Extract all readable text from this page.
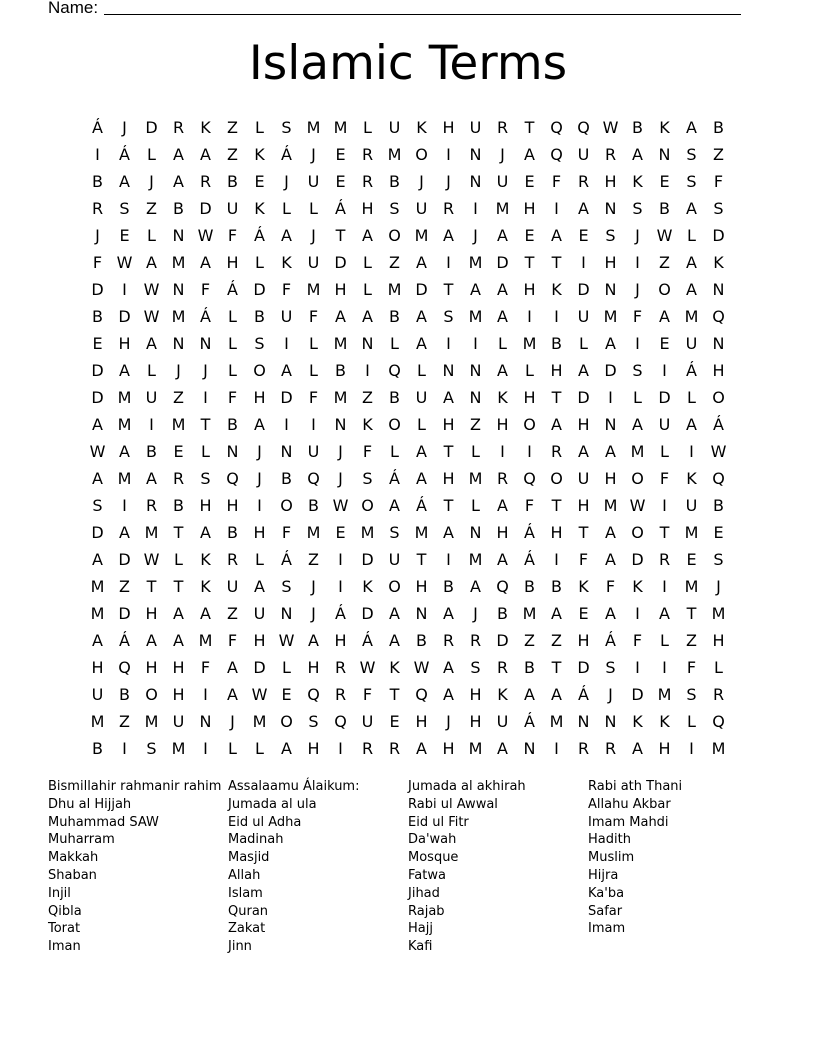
Name:
Islamic Terms
Á	J	D R	K	Z	L	S M M L	U K H U R	T Q Q W B	K	A	B
I	Á	L	A	A	Z	K	Á	J	E	R M O	I	N	J	A Q U R A N S	Z
B	A	J	A R B	E	J	U	E	R B	J	J	N U	E	F	R H K	E	S	F
R	S	Z	B D U K	L	L	Á H S	U R	I	M H	I	A N S	B	A	S
J	E	L	N W F	Á	A	J	T	A O M A	J	A	E	A	E	S	J	W L	D
F W A M A H	L	K U D	L	Z	A	I	M D T	T	I	H	I	Z	A	K
D	I	W N	F	Á D	F M H	L M D T	A	A H K D N	J	O A N
B D W M Á	L	B U	F	A	A	B	A	S M A	I	I	U M F	A M Q
E H A N N	L	S	I	L M N	L	A	I	I	L M B	L	A	I	E	U N
D A	L	J	J	L	O A	L	B	I	Q	L	N N A	L	H A D S	I	Á H
D M U Z	I	F	H D	F M Z	B U A N K H	T D	I	L	D	L	O
A M	I	M T	B	A	I	I	N K O	L	H Z H O A H N A U A	Á
W A	B	E	L	N	J	N U	J	F	L	A	T	L	I	I	R A	A M L	I	W
A M A R	S Q	J	B Q	J	S	Á	A H M R Q O U H O	F	K Q
S	I	R B H H	I	O B W O A	Á	T	L	A	F	T	H M W	I	U B
D A M T	A	B H	F M E M S M A N H Á H	T	A O T M E
A D W L	K	R	L	Á	Z	I	D U	T	I	M A	Á	I	F	A D R	E	S
M Z	T	T	K U A	S	J	I	K O H B	A Q B	B	K	F	K	I	M	J
M D H A	A	Z U N	J	Á D A N A	J	B M A	E	A	I	A	T M
A	Á	A	A M F	H W A H Á	A	B R R D Z	Z H Á	F	L	Z H
H Q H H	F	A D	L	H R W K W A	S	R B	T D S	I	I	F	L
U B O H	I	A W E Q R	F	T Q A H K	A	A	Á	J	D M S	R
M Z M U N	J	M O S Q U	E H	J	H U Á M N N K	K	L	Q
B	I	S M	I	L	L	A H	I	R R A H M A N	I	R R A H	I	M
Bismillahir rahmanir rahim
Dhu al Hijjah
Muhammad SAW
Muharram
Makkah
Shaban
Injil
Qibla
Torat
Iman
Assalaamu Álaikum:
Jumada al ula
Eid ul Adha
Madinah
Masjid
Allah
Islam
Quran
Zakat
Jinn
Jumada al akhirah
Rabi ul Awwal
Eid ul Fitr
Da'wah
Mosque
Fatwa
Jihad
Rajab
Hajj
Kafi
Rabi ath Thani
Allahu Akbar
Imam Mahdi
Hadith
Muslim
Hijra
Ka'ba
Safar
Imam
